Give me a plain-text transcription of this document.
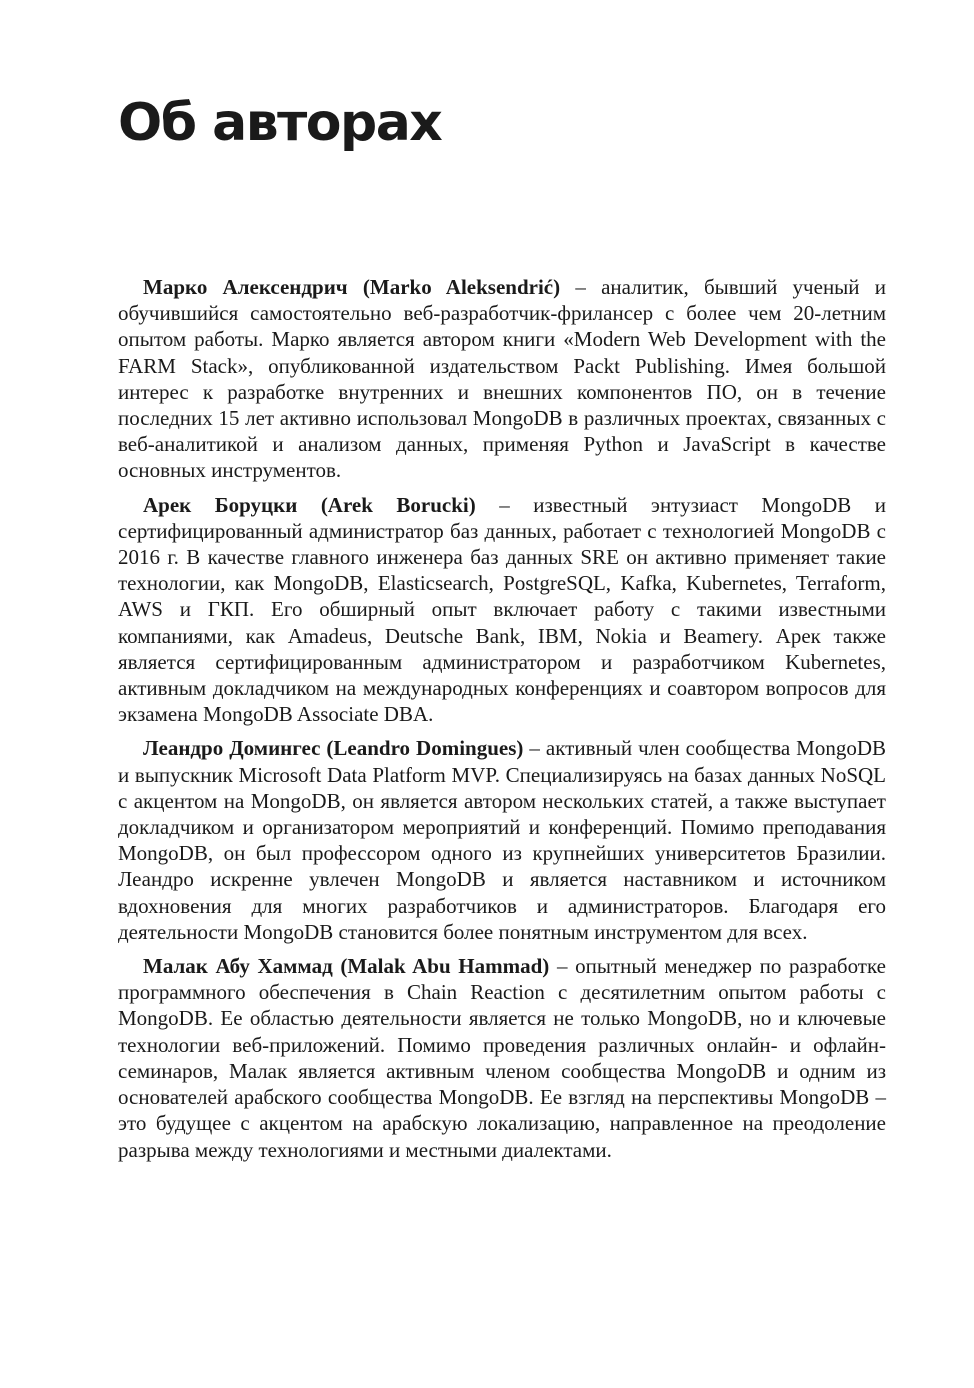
Об авторах

Марко Алексендрич (Marko Aleksendrić) – аналитик, бывший ученый и обучившийся самостоятельно веб-разработчик-фрилансер с более чем 20-летним опытом работы. Марко является автором книги «Modern Web Development with the FARM Stack», опубликованной издательством Packt Publishing. Имея большой интерес к разработке внутренних и внешних компонентов ПО, он в течение последних 15 лет активно использовал MongoDB в различных проектах, связанных с веб-аналитикой и анализом данных, применяя Python и JavaScript в качестве основных инструментов.

Арек Боруцки (Arek Borucki) – известный энтузиаст MongoDB и сертифицированный администратор баз данных, работает с технологией MongoDB с 2016 г. В качестве главного инженера баз данных SRE он активно применяет такие технологии, как MongoDB, Elasticsearch, PostgreSQL, Kafka, Kubernetes, Terraform, AWS и ГКП. Его обширный опыт включает работу с такими известными компаниями, как Amadeus, Deutsche Bank, IBM, Nokia и Beamery. Арек также является сертифицированным администратором и разработчиком Kubernetes, активным докладчиком на международных конференциях и соавтором вопросов для экзамена MongoDB Associate DBA.

Леандро Домингес (Leandro Domingues) – активный член сообщества MongoDB и выпускник Microsoft Data Platform MVP. Специализируясь на базах данных NoSQL с акцентом на MongoDB, он является автором нескольких статей, а также выступает докладчиком и организатором мероприятий и конференций. Помимо преподавания MongoDB, он был профессором одного из крупнейших университетов Бразилии. Леандро искренне увлечен MongoDB и является наставником и источником вдохновения для многих разработчиков и администраторов. Благодаря его деятельности MongoDB становится более понятным инструментом для всех.

Малак Абу Хаммад (Malak Abu Hammad) – опытный менеджер по разработке программного обеспечения в Chain Reaction с десятилетним опытом работы с MongoDB. Ее областью деятельности является не только MongoDB, но и ключевые технологии веб-приложений. Помимо проведения различных онлайн- и офлайн-семинаров, Малак является активным членом сообщества MongoDB и одним из основателей арабского сообщества MongoDB. Ее взгляд на перспективы MongoDB – это будущее с акцентом на арабскую локализацию, направленное на преодоление разрыва между технологиями и местными диалектами.
